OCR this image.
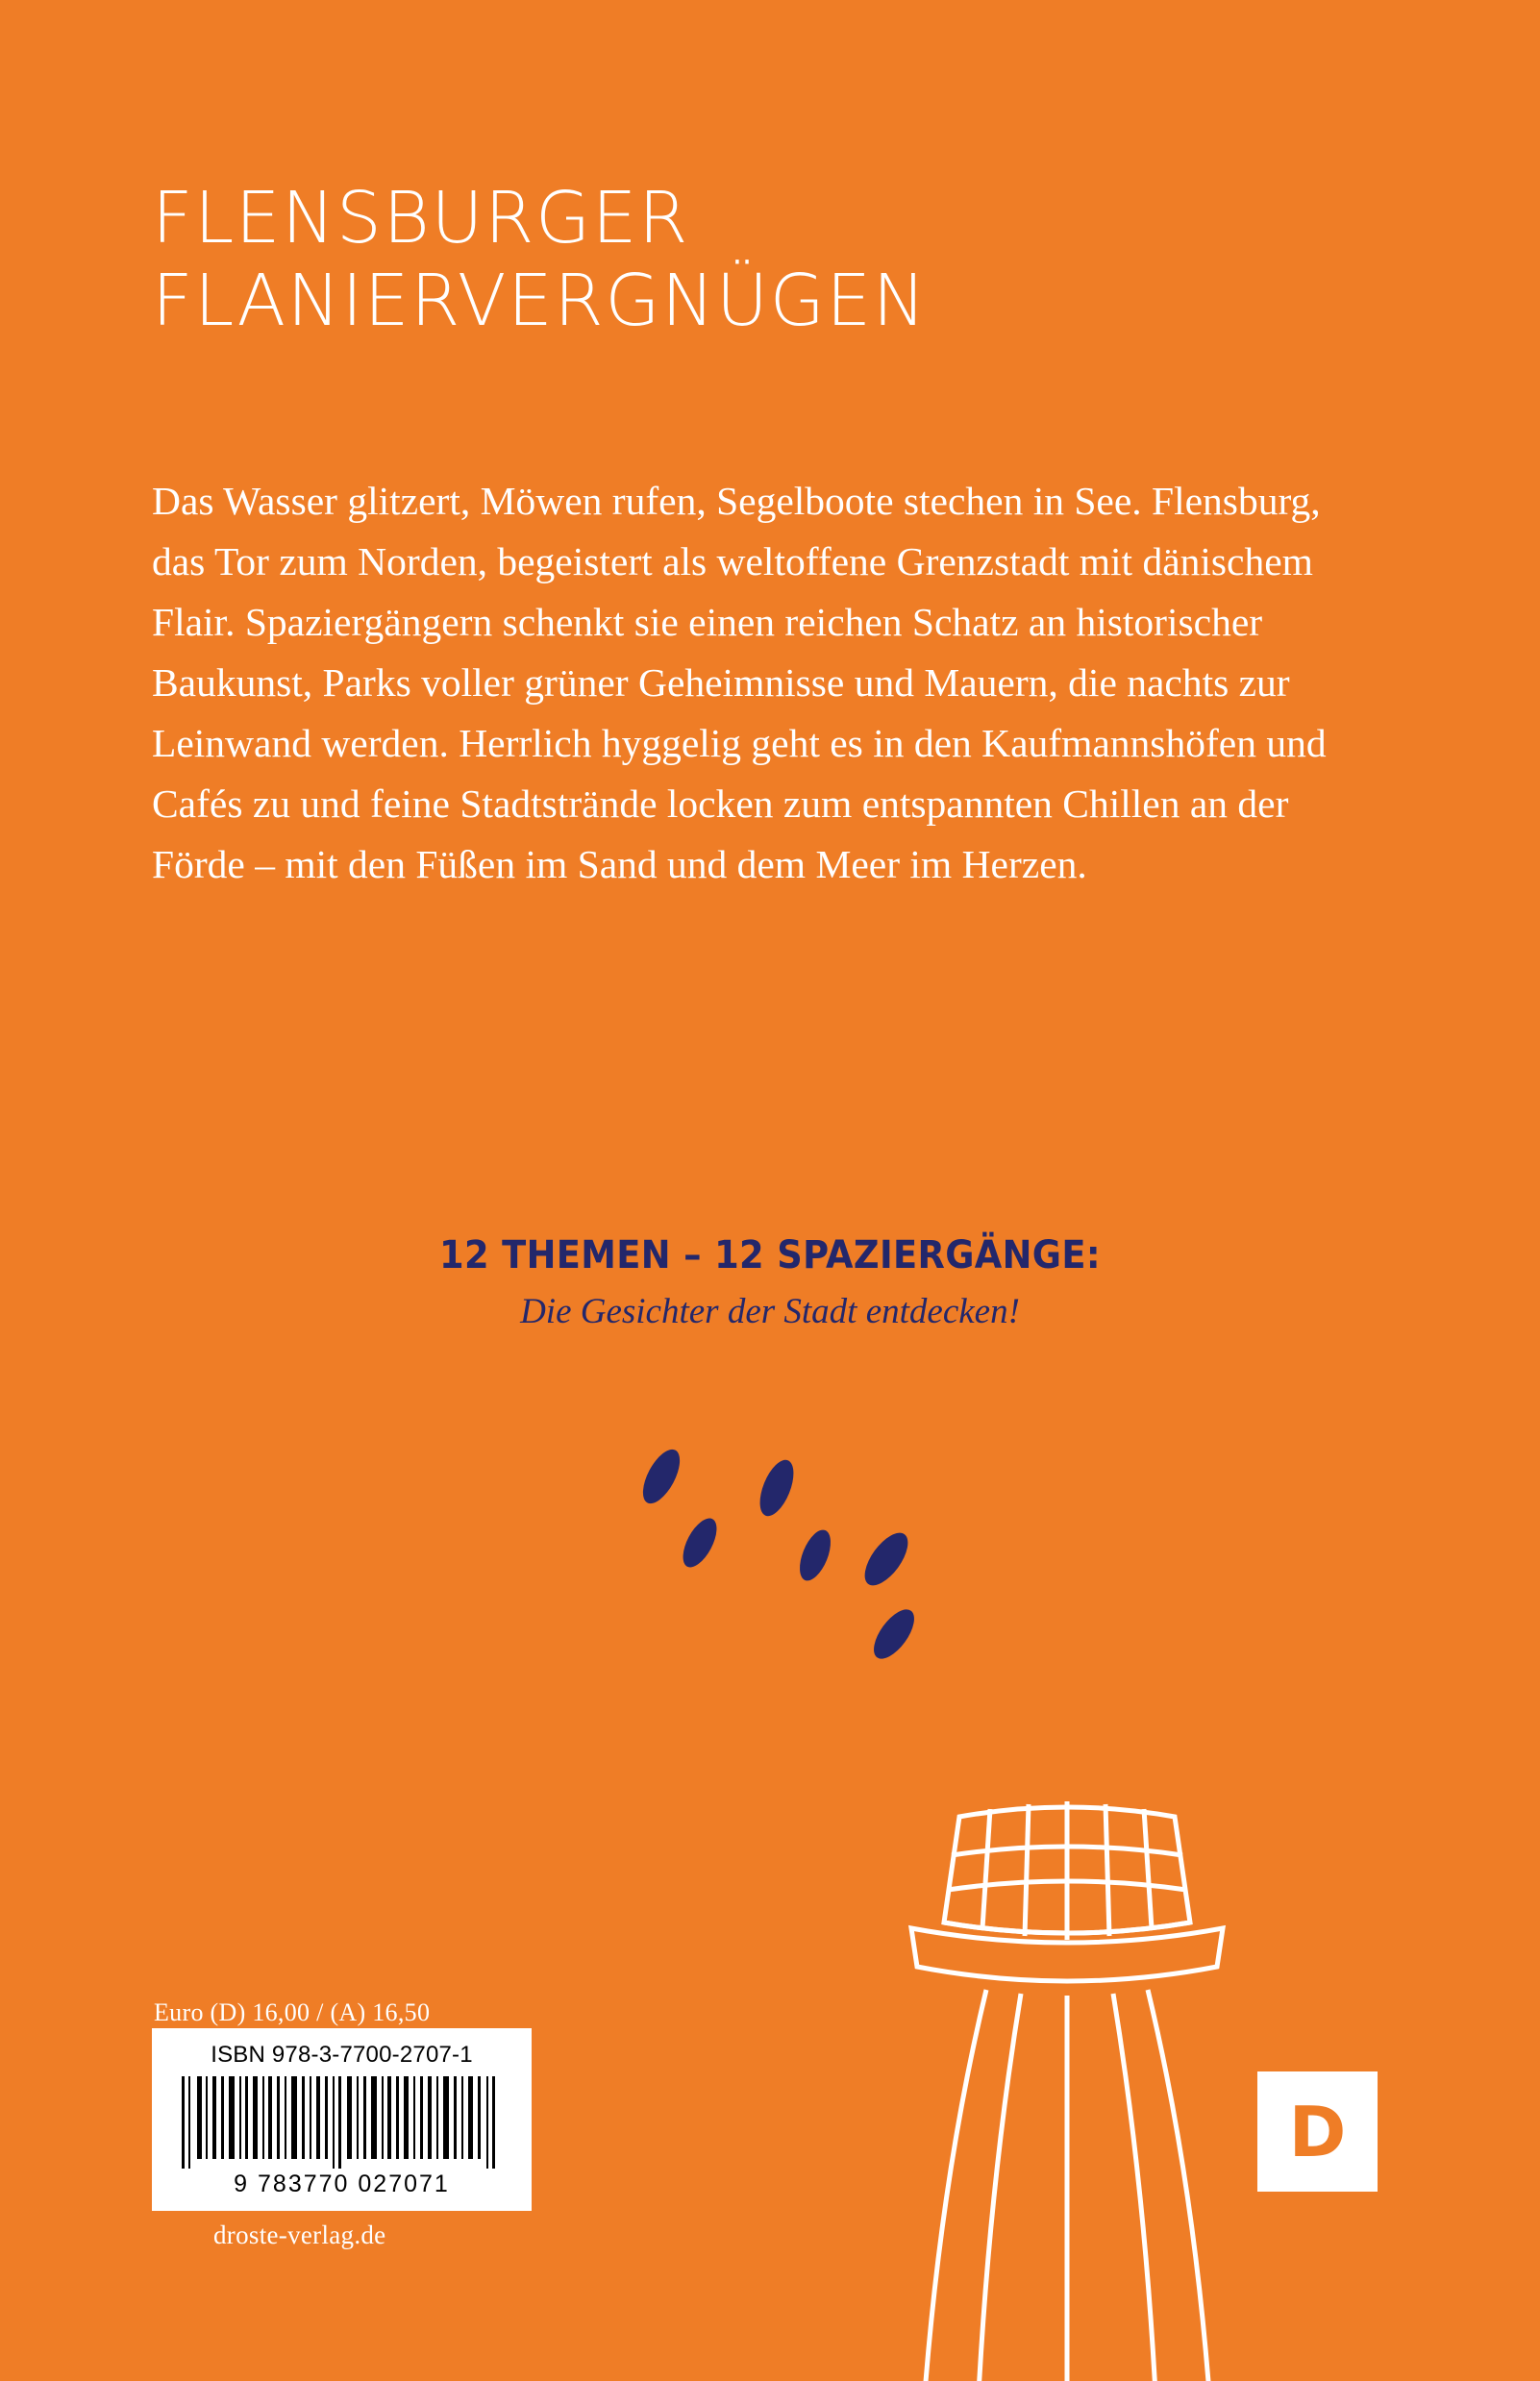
FLENSBURGER
FLANIERVERGNÜGEN
Das Wasser glitzert, Möwen rufen, Segelboote stechen in See. Flensburg, das Tor zum Norden, begeistert als weltoffene Grenzstadt mit dänischem Flair. Spaziergängern schenkt sie einen reichen Schatz an historischer Baukunst, Parks voller grüner Geheimnisse und Mauern, die nachts zur Leinwand werden. Herrlich hyggelig geht es in den Kaufmannshöfen und Cafés zu und feine Stadtstrände locken zum entspannten Chillen an der Förde – mit den Füßen im Sand und dem Meer im Herzen.
12 THEMEN – 12 SPAZIERGÄNGE:
Die Gesichter der Stadt entdecken!
Euro (D) 16,00 / (A) 16,50
ISBN 978-3-7700-2707-1
9 783770 027071
droste-verlag.de
D
